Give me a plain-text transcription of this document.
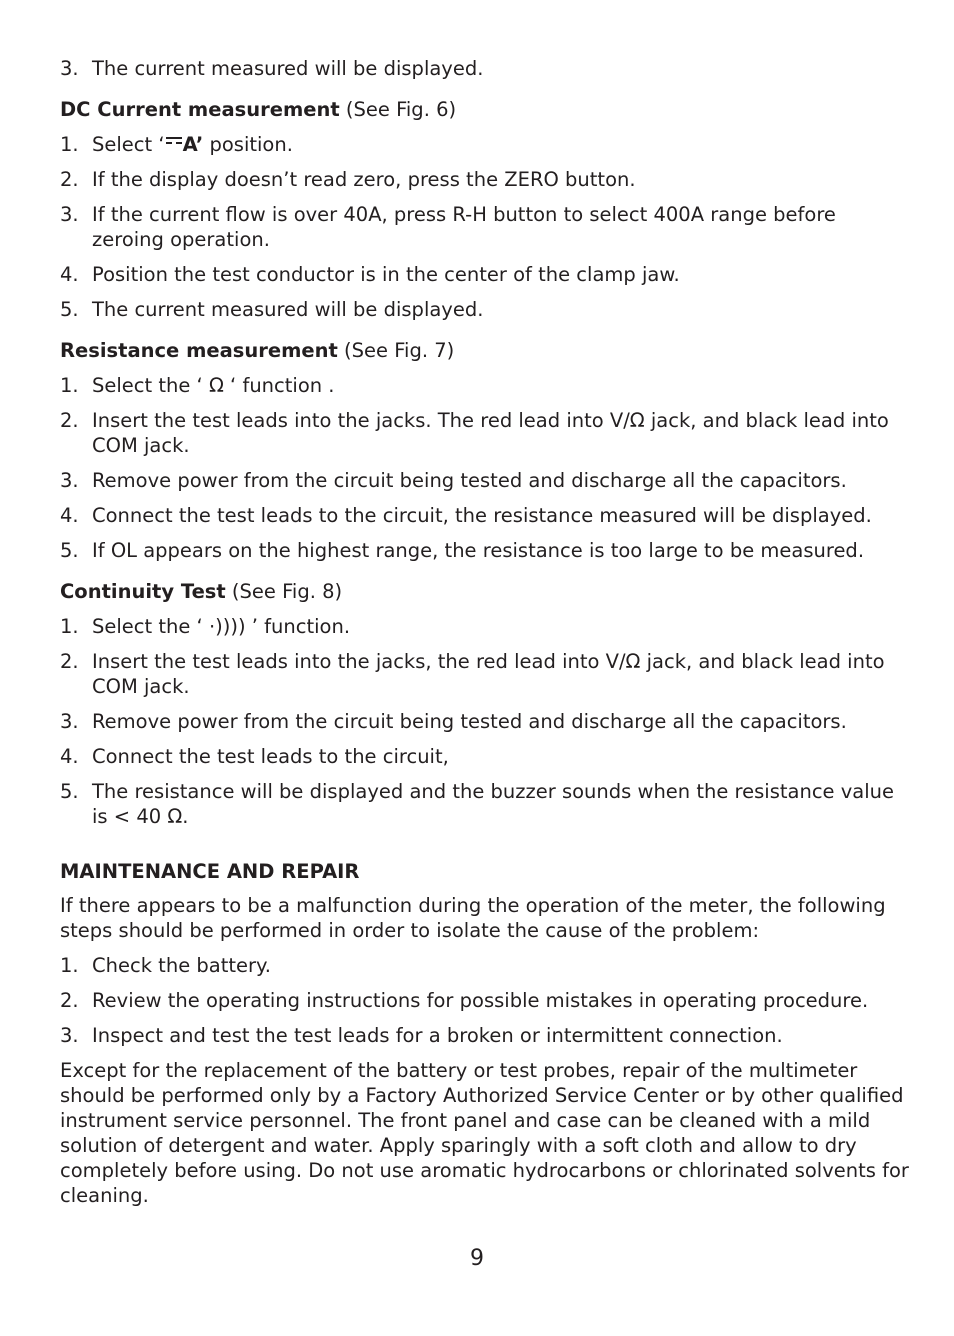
3. The current measured will be displayed.
DC Current measurement (See Fig. 6)
1. Select ‘ A’ position.
2. If the display doesn’t read zero, press the ZERO button.
3. If the current flow is over 40A, press R-H button to select 400A range before zeroing operation.
4. Position the test conductor is in the center of the clamp jaw.
5. The current measured will be displayed.
Resistance measurement (See Fig. 7)
1. Select the ‘ Ω ‘ function .
2. Insert the test leads into the jacks. The red lead into V/Ω jack, and black lead into COM jack.
3. Remove power from the circuit being tested and discharge all the capacitors.
4. Connect the test leads to the circuit, the resistance measured will be displayed.
5. If OL appears on the highest range, the resistance is too large to be measured.
Continuity Test (See Fig. 8)
1. Select the ‘ ·)))) ’ function.
2. Insert the test leads into the jacks, the red lead into V/Ω jack, and black lead into COM jack.
3. Remove power from the circuit being tested and discharge all the capacitors.
4. Connect the test leads to the circuit,
5. The resistance will be displayed and the buzzer sounds when the resistance value is < 40 Ω.
MAINTENANCE AND REPAIR
If there appears to be a malfunction during the operation of the meter, the following steps should be performed in order to isolate the cause of the problem:
1. Check the battery.
2. Review the operating instructions for possible mistakes in operating procedure.
3. Inspect and test the test leads for a broken or intermittent connection.
Except for the replacement of the battery or test probes, repair of the multimeter should be performed only by a Factory Authorized Service Center or by other qualified instrument service personnel. The front panel and case can be cleaned with a mild solution of detergent and water. Apply sparingly with a soft cloth and allow to dry completely before using. Do not use aromatic hydrocarbons or chlorinated solvents for cleaning.
9
